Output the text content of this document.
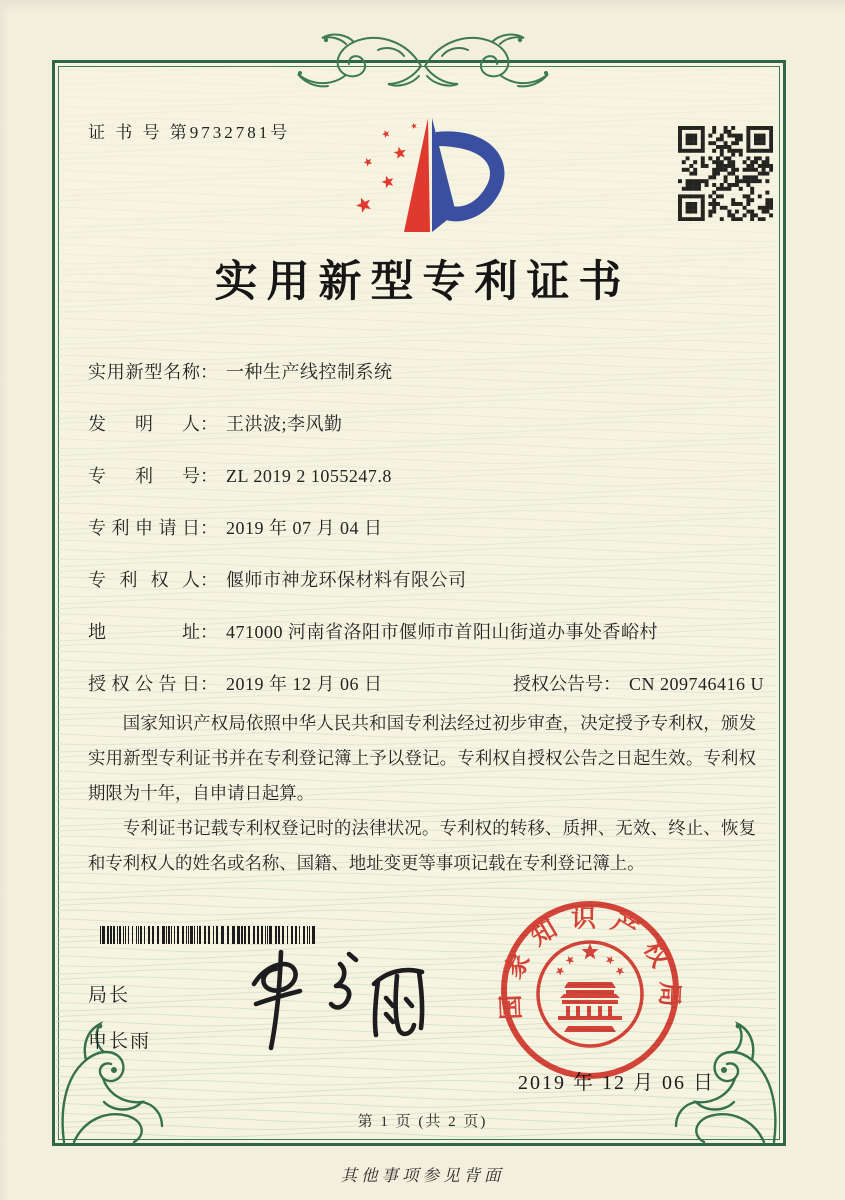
证 书 号 第9732781号
实用新型专利证书
实用新型名称： 一种生产线控制系统
发明人： 王洪波;李风勤
专利号： ZL 2019 2 1055247.8
专利申请日： 2019 年 07 月 04 日
专利权人： 偃师市神龙环保材料有限公司
地址： 471000 河南省洛阳市偃师市首阳山街道办事处香峪村
授权公告日： 2019 年 12 月 06 日	授权公告号： CN 209746416 U

国家知识产权局依照中华人民共和国专利法经过初步审查，决定授予专利权，颁发实用新型专利证书并在专利登记簿上予以登记。专利权自授权公告之日起生效。专利权期限为十年，自申请日起算。

专利证书记载专利权登记时的法律状况。专利权的转移、质押、无效、终止、恢复和专利权人的姓名或名称、国籍、地址变更等事项记载在专利登记簿上。

局长
申长雨
2019 年 12 月 06 日
国家知识产权局
第 1 页 (共 2 页)
其他事项参见背面
